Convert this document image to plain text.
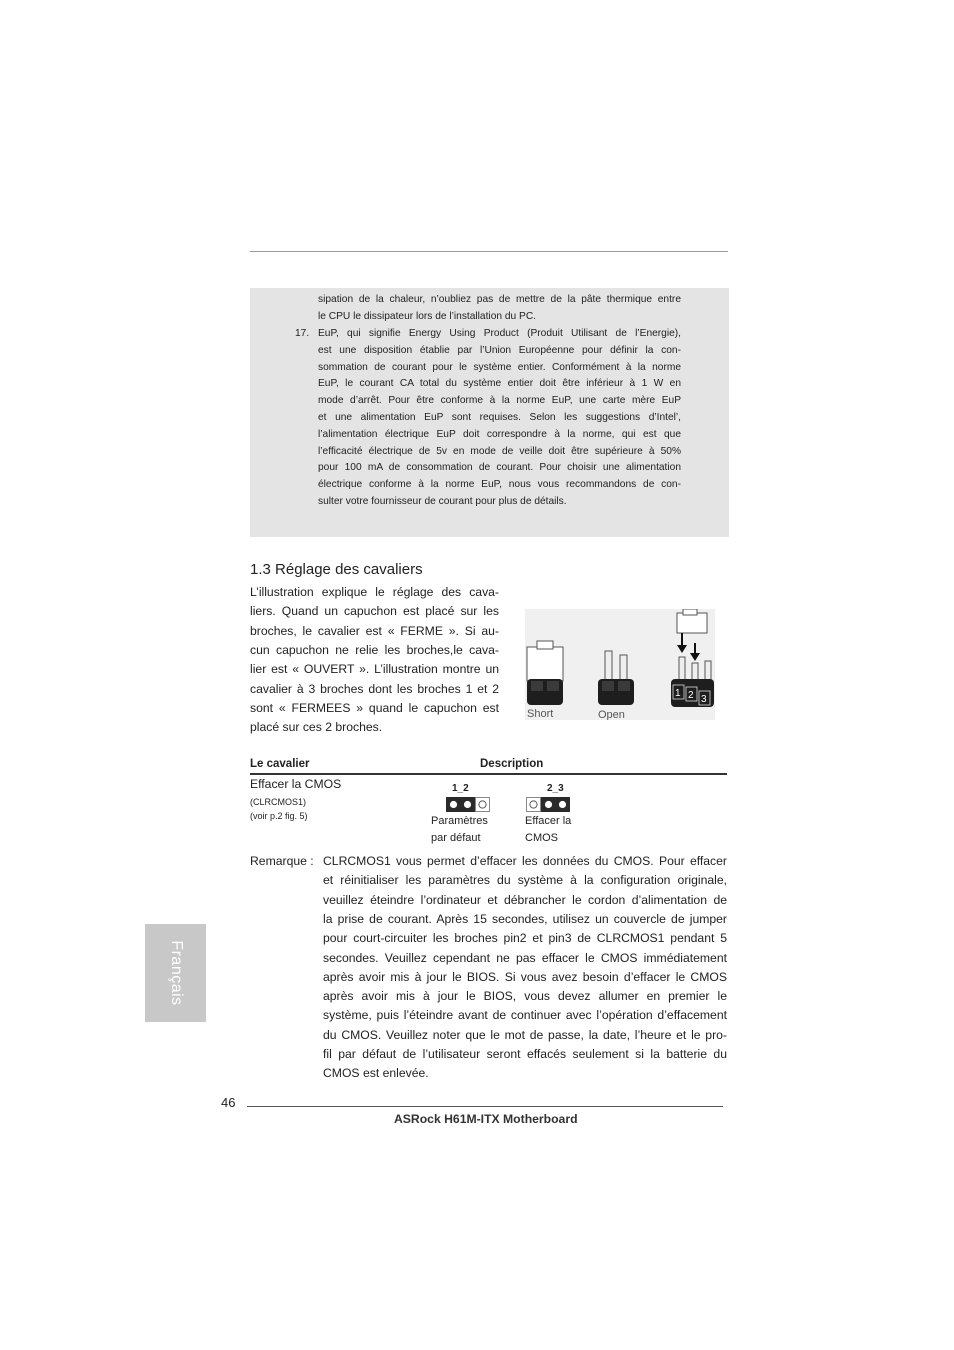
sipation de la chaleur, n’oubliez pas de mettre de la pâte thermique entre
le CPU le dissipateur lors de l’installation du PC.
17. EuP, qui signifie Energy Using Product (Produit Utilisant de l’Energie),
est une disposition établie par l’Union Européenne pour définir la con-
sommation de courant pour le système entier. Conformément à la norme
EuP, le courant CA total du système entier doit être inférieur à 1 W en
mode d’arrêt. Pour être conforme à la norme EuP, une carte mère EuP
et une alimentation EuP sont requises. Selon les suggestions d’Intel’,
l’alimentation électrique EuP doit correspondre à la norme, qui est que
l’efficacité électrique de 5v en mode de veille doit être supérieure à 50%
pour 100 mA de consommation de courant. Pour choisir une alimentation
électrique conforme à la norme EuP, nous vous recommandons de con-
sulter votre fournisseur de courant pour plus de détails.
1.3 Réglage des cavaliers
L’illustration explique le réglage des cava-
liers. Quand un capuchon est placé sur les
broches, le cavalier est « FERME ». Si au-
cun capuchon ne relie les broches,le cava-
lier est « OUVERT ». L’illustration montre un
cavalier à 3 broches dont les broches 1 et 2
sont « FERMEES » quand le capuchon est
placé sur ces 2 broches.
Short	Open
1 2 3
Le cavalier	Description
Effacer la CMOS
(CLRCMOS1)
(voir p.2 fig. 5)
1_2
Paramètres
par défaut
2_3
Effacer la
CMOS
Remarque : CLRCMOS1 vous permet d’effacer les données du CMOS. Pour effacer
et réinitialiser les paramètres du système à la configuration originale,
veuillez éteindre l’ordinateur et débrancher le cordon d’alimentation de
la prise de courant. Après 15 secondes, utilisez un couvercle de jumper
pour court-circuiter les broches pin2 et pin3 de CLRCMOS1 pendant 5
secondes. Veuillez cependant ne pas effacer le CMOS immédiatement
après avoir mis à jour le BIOS. Si vous avez besoin d’effacer le CMOS
après avoir mis à jour le BIOS, vous devez allumer en premier le
système, puis l’éteindre avant de continuer avec l’opération d’effacement
du CMOS. Veuillez noter que le mot de passe, la date, l’heure et le pro-
fil par défaut de l’utilisateur seront effacés seulement si la batterie du
CMOS est enlevée.
Français
46
ASRock H61M-ITX Motherboard
